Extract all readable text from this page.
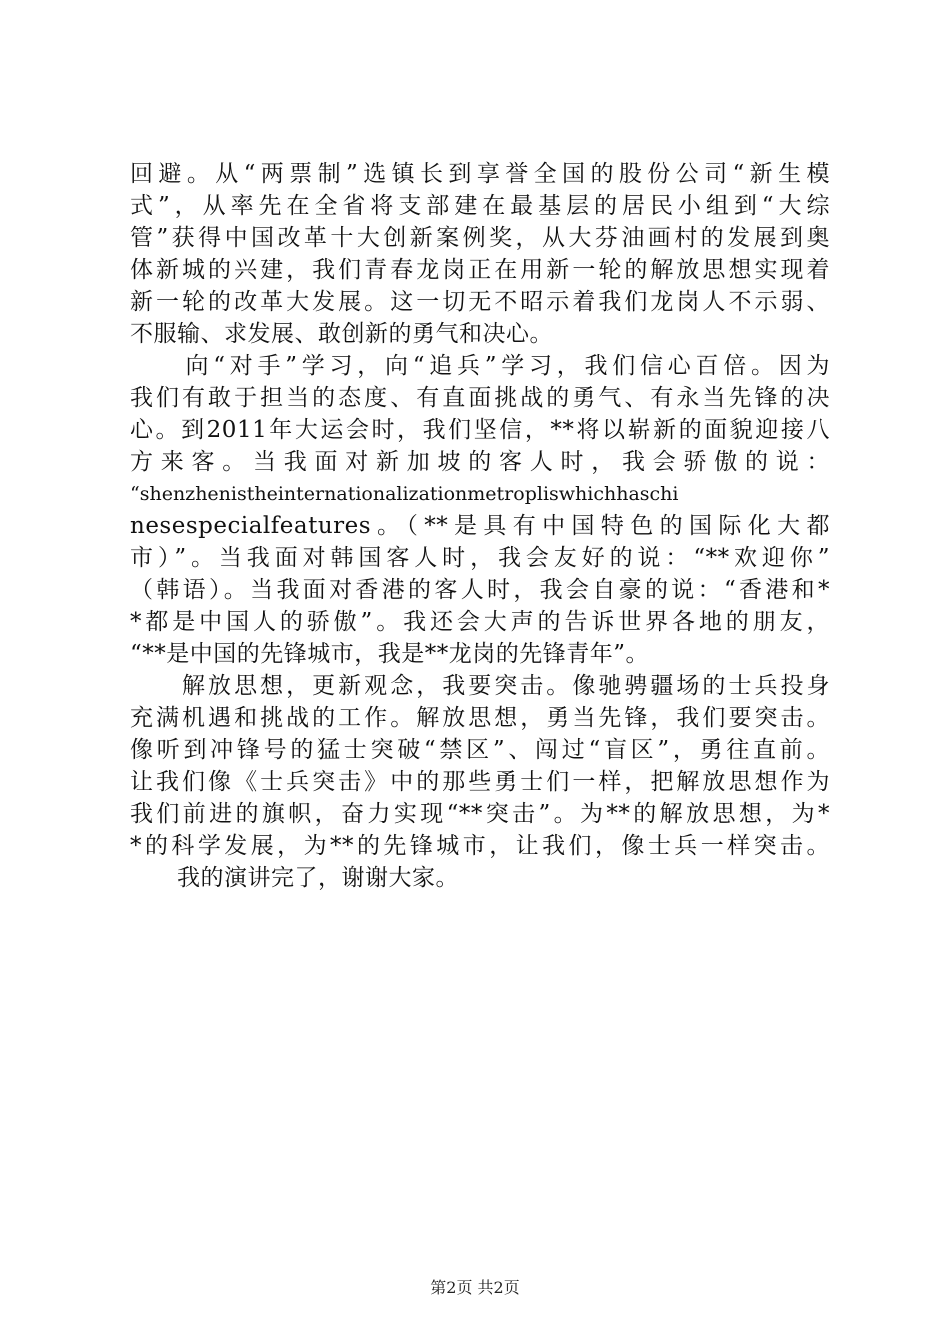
回避。从“两票制”选镇长到享誉全国的股份公司“新生模
式”，从率先在全省将支部建在最基层的居民小组到“大综
管”获得中国改革十大创新案例奖，从大芬油画村的发展到奥
体新城的兴建，我们青春龙岗正在用新一轮的解放思想实现着
新一轮的改革大发展。这一切无不昭示着我们龙岗人不示弱、
不服输、求发展、敢创新的勇气和决心。
　　向“对手”学习，向“追兵”学习，我们信心百倍。因为
我们有敢于担当的态度、有直面挑战的勇气、有永当先锋的决
心。到2011年大运会时，我们坚信，**将以崭新的面貌迎接八
方来客。当我面对新加坡的客人时，我会骄傲的说：
“shenzhenistheinternationalizationmetropliswhichhaschi
nesespecialfeatures。（**是具有中国特色的国际化大都
市）”。当我面对韩国客人时，我会友好的说：“**欢迎你”
（韩语）。当我面对香港的客人时，我会自豪的说：“香港和*
*都是中国人的骄傲”。我还会大声的告诉世界各地的朋友，
“**是中国的先锋城市，我是**龙岗的先锋青年”。
　　解放思想，更新观念，我要突击。像驰骋疆场的士兵投身
充满机遇和挑战的工作。解放思想，勇当先锋，我们要突击。
像听到冲锋号的猛士突破“禁区”、闯过“盲区”，勇往直前。
让我们像《士兵突击》中的那些勇士们一样，把解放思想作为
我们前进的旗帜，奋力实现“**突击”。为**的解放思想，为*
*的科学发展，为**的先锋城市，让我们，像士兵一样突击。
　　我的演讲完了，谢谢大家。
第2页 共2页
